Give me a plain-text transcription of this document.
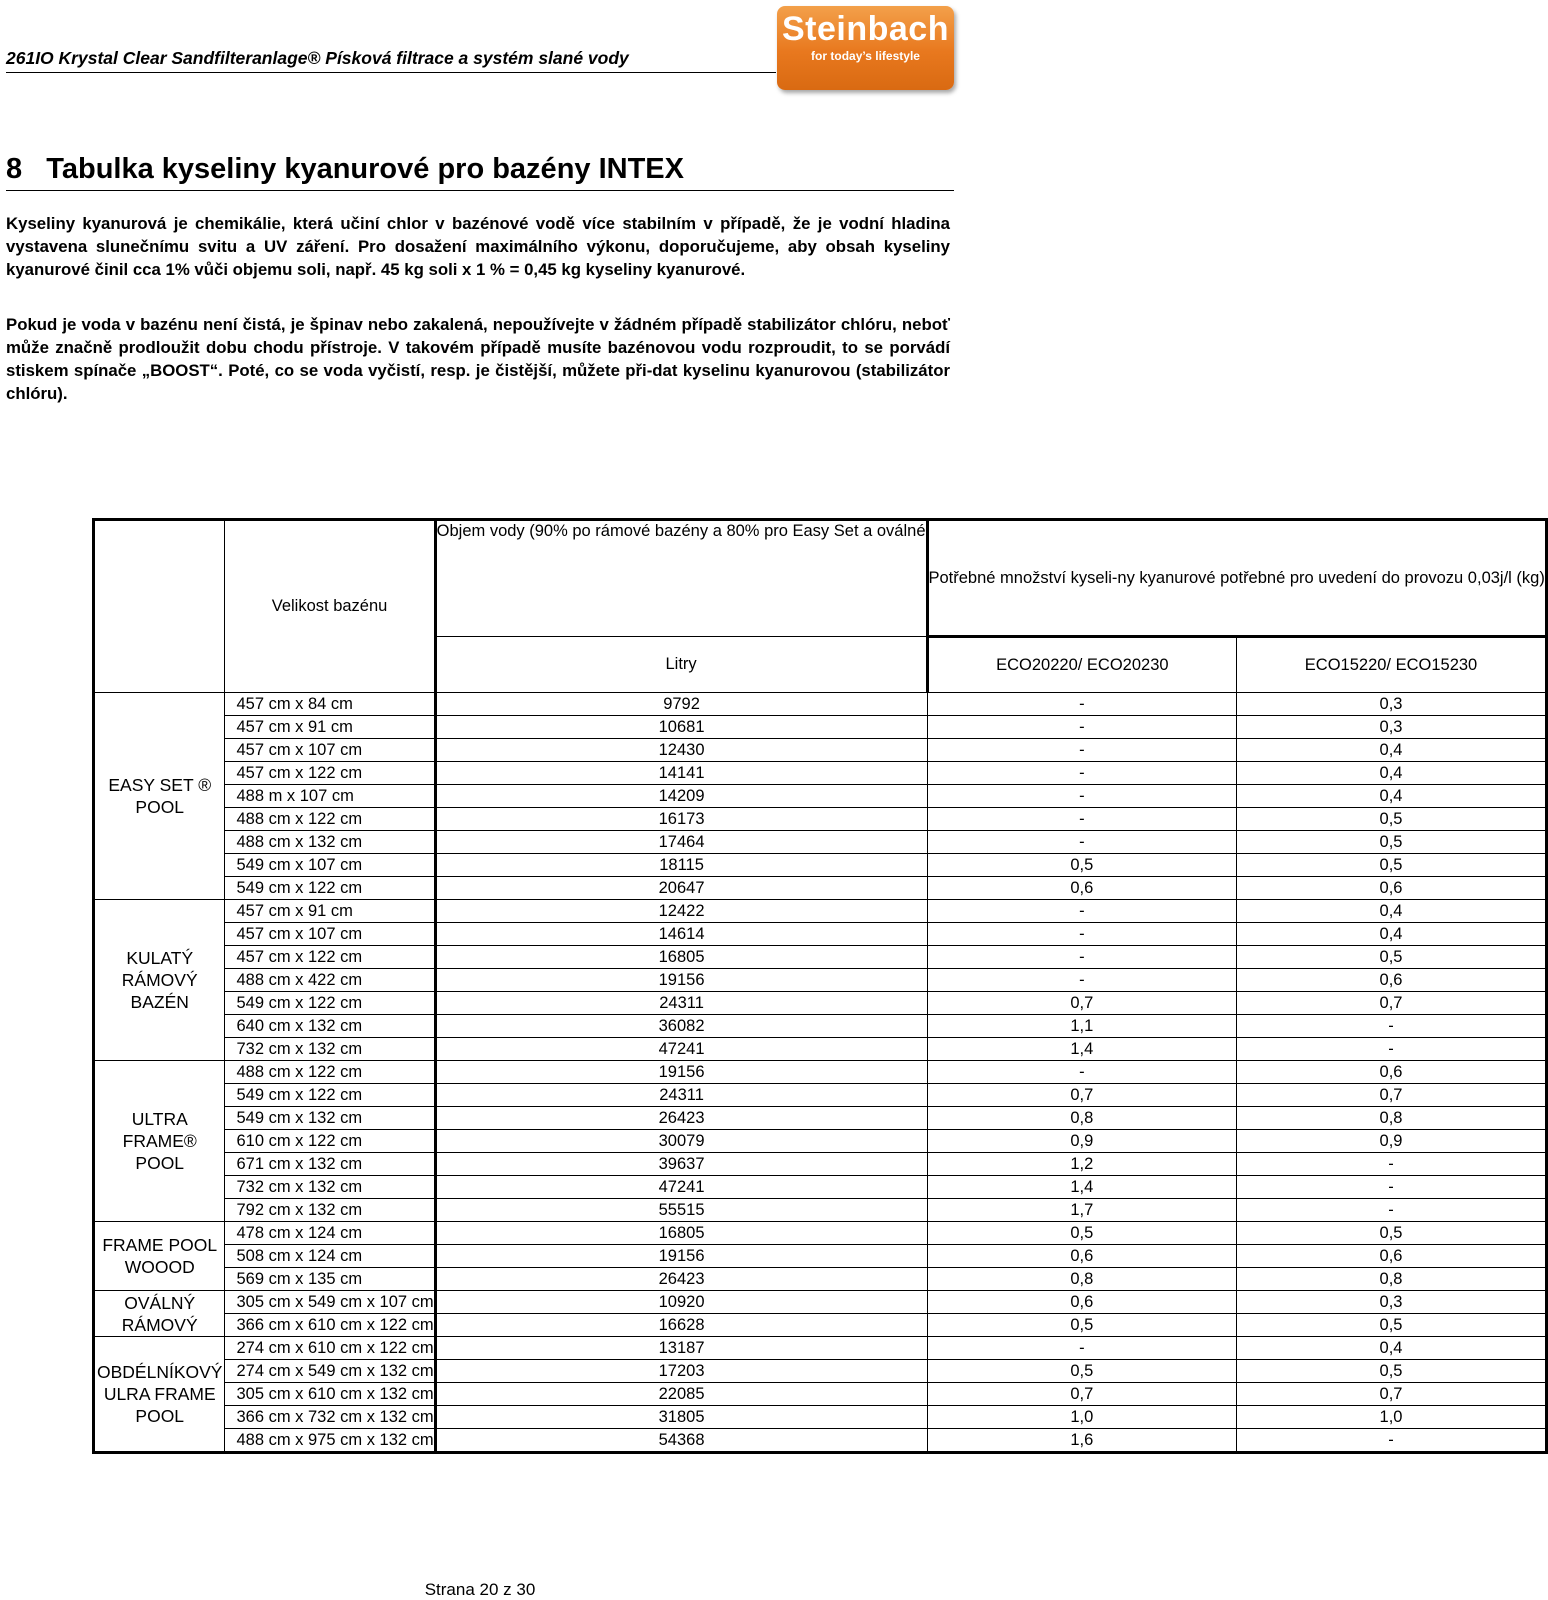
261IO Krystal Clear Sandfilteranlage® Písková filtrace a systém slané vody
Steinbach
for today’s lifestyle
8   Tabulka kyseliny kyanurové pro bazény INTEX
Kyseliny kyanurová je chemikálie, která učiní chlor v bazénové vodě více stabilním v případě, že je vodní hladina vystavena slunečnímu svitu a UV záření. Pro dosažení maximálního výkonu, doporučujeme, aby obsah kyseliny kyanurové činil cca 1% vůči objemu soli, např. 45 kg soli x 1 % = 0,45 kg kyseliny kyanurové.
Pokud je voda v bazénu není čistá, je špinav nebo zakalená, nepoužívejte v žádném případě stabilizátor chlóru, neboť může značně prodloužit dobu chodu přístroje. V takovém případě musíte bazénovou vodu rozproudit, to se porvádí stiskem spínače „BOOST“. Poté, co se voda vyčistí, resp. je čistější, můžete při-dat kyselinu kyanurovou (stabilizátor chlóru).
	Velikost bazénu	Objem vody (90% po rámové bazény a 80% pro Easy Set a oválné	Potřebné množství kyseli-ny kyanurové potřebné pro uvedení do provozu 0,03j/l (kg)	
		Litry	ECO20220/ ECO20230	ECO15220/ ECO15230
EASY SET ® POOL	457 cm x 84 cm	9792	-	0,3
	457 cm x 91 cm	10681	-	0,3
	457 cm x 107 cm	12430	-	0,4
	457 cm x 122 cm	14141	-	0,4
	488 m x 107 cm	14209	-	0,4
	488 cm x 122 cm	16173	-	0,5
	488 cm x 132 cm	17464	-	0,5
	549 cm x 107 cm	18115	0,5	0,5
	549 cm x 122 cm	20647	0,6	0,6
KULATÝ RÁMOVÝ BAZÉN	457 cm x 91 cm	12422	-	0,4
	457 cm x 107 cm	14614	-	0,4
	457 cm x 122 cm	16805	-	0,5
	488 cm x 422 cm	19156	-	0,6
	549 cm x 122 cm	24311	0,7	0,7
	640 cm x 132 cm	36082	1,1	-
	732 cm x 132 cm	47241	1,4	-
ULTRA FRAME® POOL	488 cm x 122 cm	19156	-	0,6
	549 cm x 122 cm	24311	0,7	0,7
	549 cm x 132 cm	26423	0,8	0,8
	610 cm x 122 cm	30079	0,9	0,9
	671 cm x 132 cm	39637	1,2	-
	732 cm x 132 cm	47241	1,4	-
	792 cm x 132 cm	55515	1,7	-
FRAME POOL WOOOD	478 cm x 124 cm	16805	0,5	0,5
	508 cm x 124 cm	19156	0,6	0,6
	569 cm x 135 cm	26423	0,8	0,8
OVÁLNÝ RÁMOVÝ	305 cm x 549 cm x 107 cm	10920	0,6	0,3
	366 cm x 610 cm x 122 cm	16628	0,5	0,5
OBDÉLNÍKOVÝ ULRA FRAME POOL	274 cm x 610 cm x 122 cm	13187	-	0,4
	274 cm x 549 cm x 132 cm	17203	0,5	0,5
	305 cm x 610 cm x 132 cm	22085	0,7	0,7
	366 cm x 732 cm x 132 cm	31805	1,0	1,0
	488 cm x 975 cm x 132 cm	54368	1,6	-
Strana 20 z 30
